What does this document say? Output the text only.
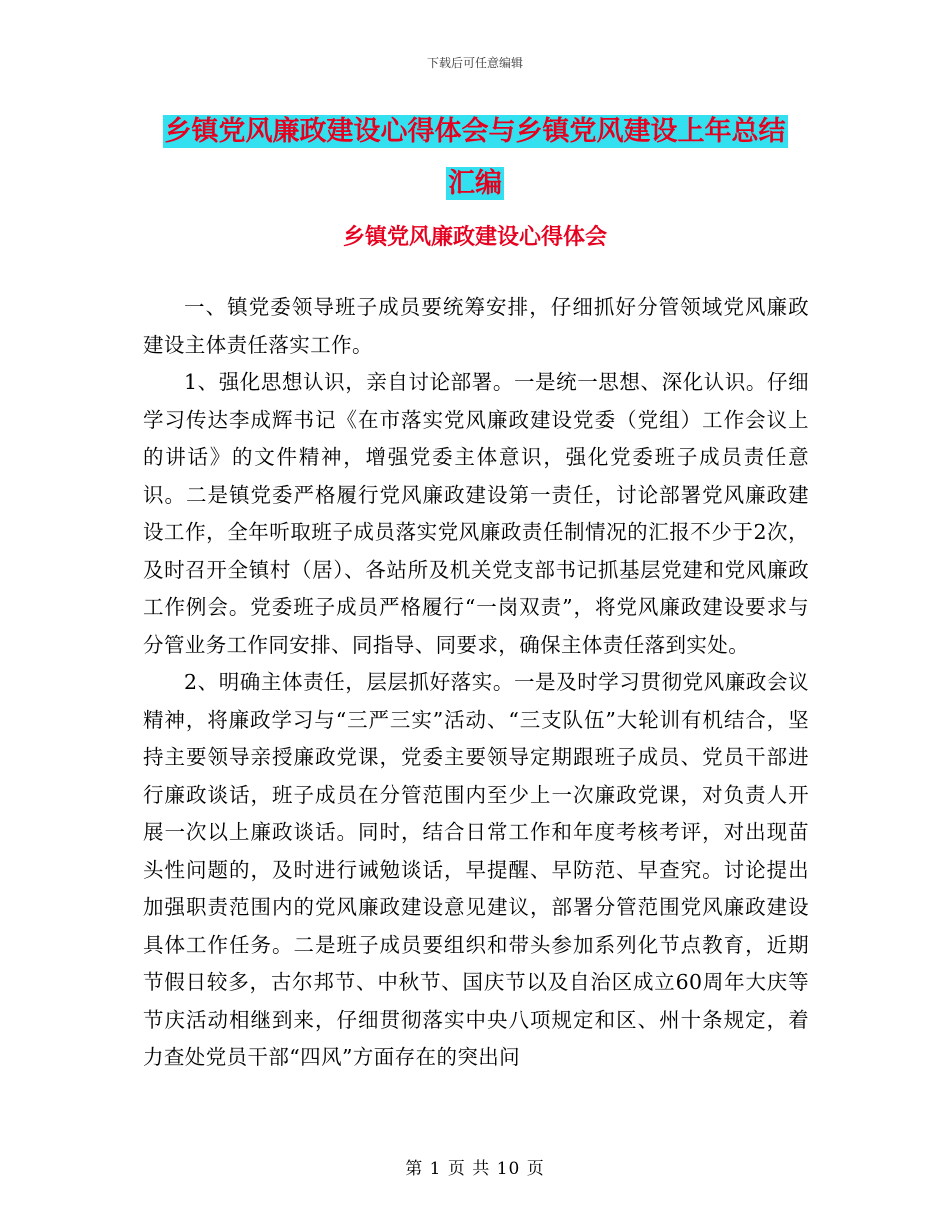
下载后可任意编辑
乡镇党风廉政建设心得体会与乡镇党风建设上年总结
汇编
乡镇党风廉政建设心得体会

一、镇党委领导班子成员要统筹安排，仔细抓好分管领域党风廉政建设主体责任落实工作。

1、强化思想认识，亲自讨论部署。一是统一思想、深化认识。仔细学习传达李成辉书记《在市落实党风廉政建设党委（党组）工作会议上的讲话》的文件精神，增强党委主体意识，强化党委班子成员责任意识。二是镇党委严格履行党风廉政建设第一责任，讨论部署党风廉政建设工作，全年听取班子成员落实党风廉政责任制情况的汇报不少于2次，及时召开全镇村（居）、各站所及机关党支部书记抓基层党建和党风廉政工作例会。党委班子成员严格履行“一岗双责”，将党风廉政建设要求与分管业务工作同安排、同指导、同要求，确保主体责任落到实处。

2、明确主体责任，层层抓好落实。一是及时学习贯彻党风廉政会议精神，将廉政学习与“三严三实”活动、“三支队伍”大轮训有机结合，坚持主要领导亲授廉政党课，党委主要领导定期跟班子成员、党员干部进行廉政谈话，班子成员在分管范围内至少上一次廉政党课，对负责人开展一次以上廉政谈话。同时，结合日常工作和年度考核考评，对出现苗头性问题的，及时进行诫勉谈话，早提醒、早防范、早查究。讨论提出加强职责范围内的党风廉政建设意见建议，部署分管范围党风廉政建设具体工作任务。二是班子成员要组织和带头参加系列化节点教育，近期节假日较多，古尔邦节、中秋节、国庆节以及自治区成立60周年大庆等节庆活动相继到来，仔细贯彻落实中央八项规定和区、州十条规定，着力查处党员干部“四风”方面存在的突出问

第 1 页 共 10 页
